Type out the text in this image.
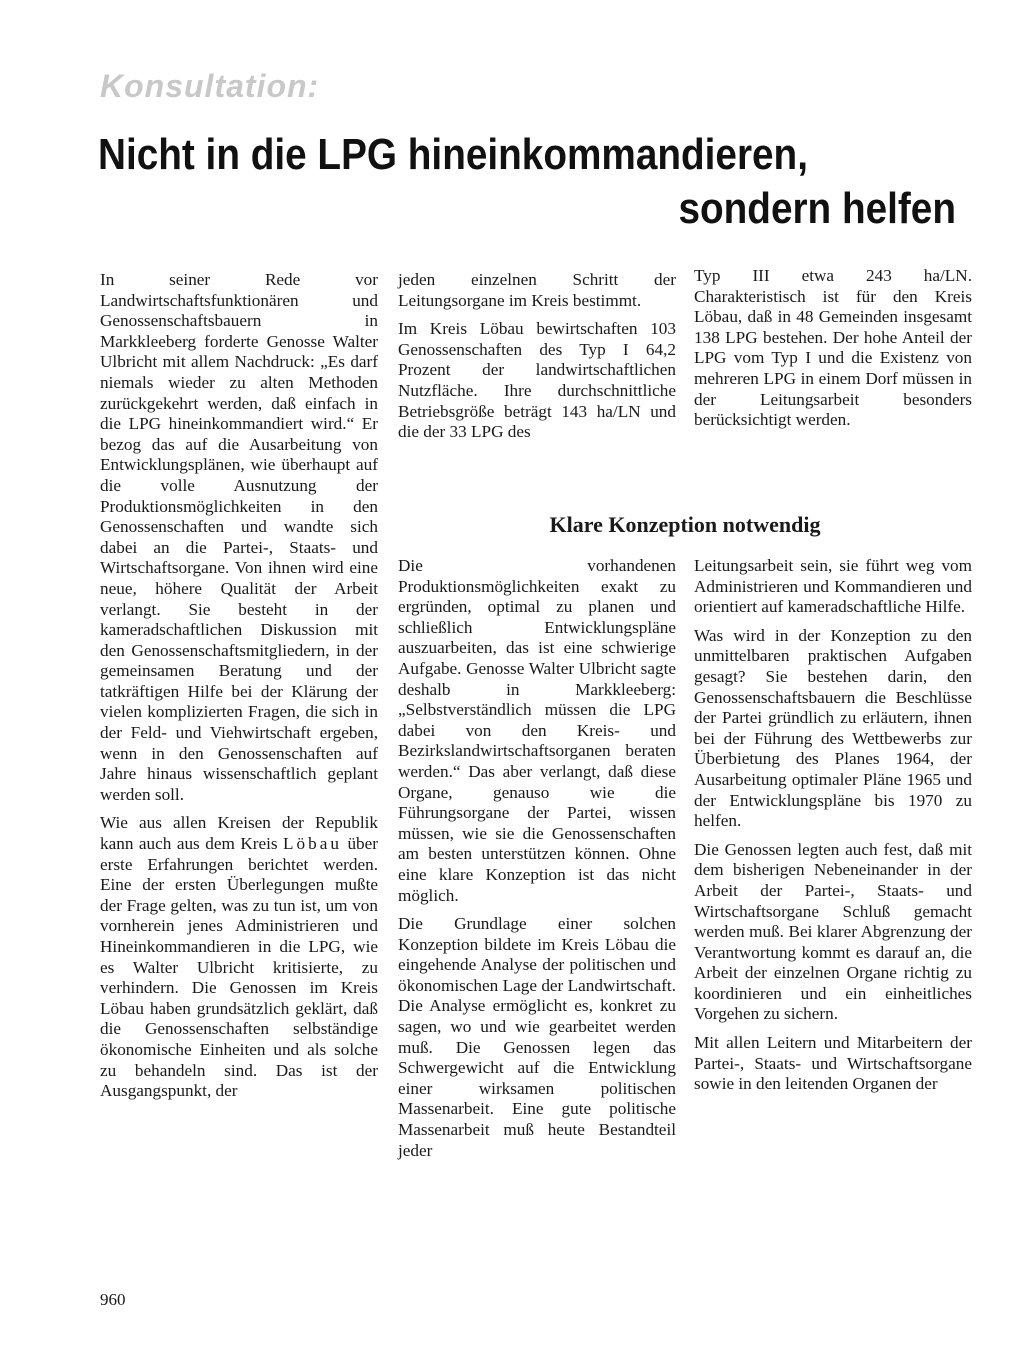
Konsultation:

Nicht in die LPG hineinkommandieren,
sondern helfen

In seiner Rede vor Landwirtschaftsfunktionären und Genossenschaftsbauern in Markkleeberg forderte Genosse Walter Ulbricht mit allem Nachdruck: „Es darf niemals wieder zu alten Methoden zurückgekehrt werden, daß einfach in die LPG hineinkommandiert wird.“ Er bezog das auf die Ausarbeitung von Entwicklungsplänen, wie überhaupt auf die volle Ausnutzung der Produktionsmöglichkeiten in den Genossenschaften und wandte sich dabei an die Partei-, Staats- und Wirtschaftsorgane. Von ihnen wird eine neue, höhere Qualität der Arbeit verlangt. Sie besteht in der kameradschaftlichen Diskussion mit den Genossenschaftsmitgliedern, in der gemeinsamen Beratung und der tatkräftigen Hilfe bei der Klärung der vielen komplizierten Fragen, die sich in der Feld- und Viehwirtschaft ergeben, wenn in den Genossenschaften auf Jahre hinaus wissenschaftlich geplant werden soll.

Wie aus allen Kreisen der Republik kann auch aus dem Kreis Löbau über erste Erfahrungen berichtet werden. Eine der ersten Überlegungen mußte der Frage gelten, was zu tun ist, um von vornherein jenes Administrieren und Hineinkommandieren in die LPG, wie es Walter Ulbricht kritisierte, zu verhindern. Die Genossen im Kreis Löbau haben grundsätzlich geklärt, daß die Genossenschaften selbständige ökonomische Einheiten und als solche zu behandeln sind. Das ist der Ausgangspunkt, der

jeden einzelnen Schritt der Leitungsorgane im Kreis bestimmt.

Im Kreis Löbau bewirtschaften 103 Genossenschaften des Typ I 64,2 Prozent der landwirtschaftlichen Nutzfläche. Ihre durchschnittliche Betriebsgröße beträgt 143 ha/LN und die der 33 LPG des

Typ III etwa 243 ha/LN. Charakteristisch ist für den Kreis Löbau, daß in 48 Gemeinden insgesamt 138 LPG bestehen. Der hohe Anteil der LPG vom Typ I und die Existenz von mehreren LPG in einem Dorf müssen in der Leitungsarbeit besonders berücksichtigt werden.

Klare Konzeption notwendig

Die vorhandenen Produktionsmöglichkeiten exakt zu ergründen, optimal zu planen und schließlich Entwicklungspläne auszuarbeiten, das ist eine schwierige Aufgabe. Genosse Walter Ulbricht sagte deshalb in Markkleeberg: „Selbstverständlich müssen die LPG dabei von den Kreis- und Bezirkslandwirtschaftsorganen beraten werden.“ Das aber verlangt, daß diese Organe, genauso wie die Führungsorgane der Partei, wissen müssen, wie sie die Genossenschaften am besten unterstützen können. Ohne eine klare Konzeption ist das nicht möglich.

Die Grundlage einer solchen Konzeption bildete im Kreis Löbau die eingehende Analyse der politischen und ökonomischen Lage der Landwirtschaft. Die Analyse ermöglicht es, konkret zu sagen, wo und wie gearbeitet werden muß. Die Genossen legen das Schwergewicht auf die Entwicklung einer wirksamen politischen Massenarbeit. Eine gute politische Massenarbeit muß heute Bestandteil jeder

Leitungsarbeit sein, sie führt weg vom Administrieren und Kommandieren und orientiert auf kameradschaftliche Hilfe.

Was wird in der Konzeption zu den unmittelbaren praktischen Aufgaben gesagt? Sie bestehen darin, den Genossenschaftsbauern die Beschlüsse der Partei gründlich zu erläutern, ihnen bei der Führung des Wettbewerbs zur Überbietung des Planes 1964, der Ausarbeitung optimaler Pläne 1965 und der Entwicklungspläne bis 1970 zu helfen.

Die Genossen legten auch fest, daß mit dem bisherigen Nebeneinander in der Arbeit der Partei-, Staats- und Wirtschaftsorgane Schluß gemacht werden muß. Bei klarer Abgrenzung der Verantwortung kommt es darauf an, die Arbeit der einzelnen Organe richtig zu koordinieren und ein einheitliches Vorgehen zu sichern.

Mit allen Leitern und Mitarbeitern der Partei-, Staats- und Wirtschaftsorgane sowie in den leitenden Organen der

960
